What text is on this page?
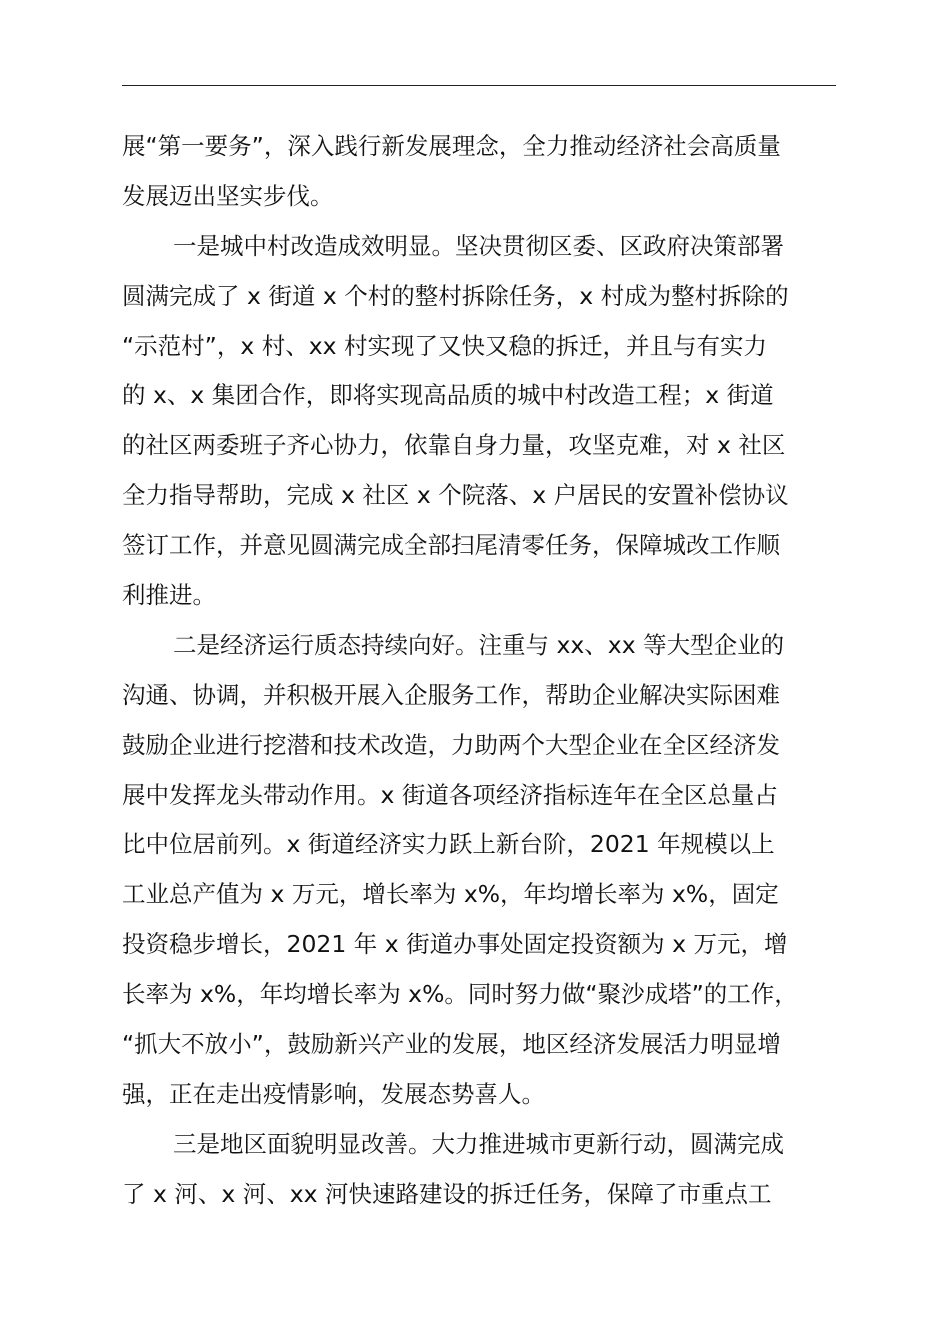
展“第一要务”，深入践行新发展理念，全力推动经济社会高质量
发展迈出坚实步伐。
一是城中村改造成效明显。坚决贯彻区委、区政府决策部署
圆满完成了 x 街道 x 个村的整村拆除任务，x 村成为整村拆除的
“示范村”，x 村、xx 村实现了又快又稳的拆迁，并且与有实力
的 x、x 集团合作，即将实现高品质的城中村改造工程；x 街道
的社区两委班子齐心协力，依靠自身力量，攻坚克难，对 x 社区
全力指导帮助，完成 x 社区 x 个院落、x 户居民的安置补偿协议
签订工作，并意见圆满完成全部扫尾清零任务，保障城改工作顺
利推进。
二是经济运行质态持续向好。注重与 xx、xx 等大型企业的
沟通、协调，并积极开展入企服务工作，帮助企业解决实际困难
鼓励企业进行挖潜和技术改造，力助两个大型企业在全区经济发
展中发挥龙头带动作用。x 街道各项经济指标连年在全区总量占
比中位居前列。x 街道经济实力跃上新台阶，2021 年规模以上
工业总产值为 x 万元，增长率为 x%，年均增长率为 x%，固定
投资稳步增长，2021 年 x 街道办事处固定投资额为 x 万元，增
长率为 x%，年均增长率为 x%。同时努力做“聚沙成塔”的工作，
“抓大不放小”，鼓励新兴产业的发展，地区经济发展活力明显增
强，正在走出疫情影响，发展态势喜人。
三是地区面貌明显改善。大力推进城市更新行动，圆满完成
了 x 河、x 河、xx 河快速路建设的拆迁任务，保障了市重点工
